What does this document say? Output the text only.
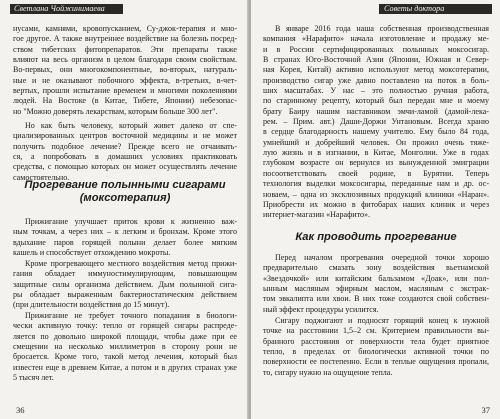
Светлана Чойжинимаева
нусами, камнями, кровопусканием, Су-джок-терапия и мно-
гое другое. А также внутреннее воздействие на болезнь посред-
ством тибетских фитопрепаратов. Эти препараты также
влияют на весь организм в целом благодаря своим свойствам.
Во-первых, они многокомпонентные, во-вторых, натураль-
ные и не оказывают побочного эффекта, в-третьих, в-чет-
вертых, прошли испытание временем и многими поколениями
людей. На Востоке (в Китае, Тибете, Японии) небезопас-
но "Можно доверять лекарствам, которым больше 300 лет".
Но как быть человеку, который живет далеко от спе-
циализированных центров восточной медицины и не может
получить подобное лечение? Прежде всего не отчаивать-
ся, а попробовать в домашних условиях практиковать
средства, с помощью которых он может осуществлять лечение
самостоятельно.
Прогревание полынными сигарами
(моксотерапия)
Прижигание улучшает приток крови к жизненно важ-
ным точкам, а через них – к легким и бронхам. Кроме этого
вдыхание паров горящей полыни делает более мягким
кашель и способствует отхождению мокроты.
Кроме прогревающего местного воздействия метод прижи-
гания обладает иммуностимулирующим, повышающим
защитные силы организма действием. Дым полынной сига-
ры обладает выраженным бактериостатическим действием
(при длительности воздействия до 15 минут).
Прижигание не требует точного попадания в биологи-
чески активную точку: тепло от горящей сигары распреде-
ляется по довольно широкой площади, чтобы даже при ее
смещении на несколько миллиметров в сторону рони не
бросается. Кроме того, такой метод лечения, который был
известен еще в древнем Китае, а потом и в других странах уже
5 тысяч лет.
36
Советы доктора Чойжинимаевой
В январе 2016 года наша собственная производственная
компания «Нарафито» начала изготовление и продажу ме-
и в России сертифицированных полынных моксосигар.
В странах Юго-Восточной Азии (Японии, Южная и Север-
ная Корея, Китай) активно используют метод моксотерапии,
производство сигар уже давно поставлено на поток в боль-
ших масштабах. У нас – это полностью ручная работа,
по старинному рецепту, который был передан мне и моему
брату Баиру нашим наставником эмчи-ламой (дамой-лека-
рем. – Прим. авт.) Даши-Доржи Унтановым. Всегда храню
в сердце благодарность нашему учителю. Ему было 84 года,
умнейший и добрейший человек. Он прожил очень тяже-
лую жизнь и в изгнании, в Китае, Монголии. Уже в годах
глубоком возрасте он вернулся из вынужденной эмиграции
посоответствовать своей родине, в Бурятии. Теперь
технология выделки моксосигары, переданные нам и др. ос-
новаем, – одна из эксклюзивных продукций клиники «Наран».
Приобрести их можно в фитобарах наших клиник и через
интернет-магазин «Нарафито».
Как проводить прогревание
Перед началом прогревания очередной точки хорошо
предварительно смазать зону воздействия вьетнамской
«Звездочкой» или китайским бальзамом «Доак», или пол-
ынным масляным эфирным маслом, масляным с экстрак-
том эвкалипта или хвои. В них тоже создаются свой собствен-
ный эффект процедуры усилится.
Сигару поджигают и подносят горящий конец к нужной
точке на расстоянии 1,5–2 см. Критерием правильности вы-
бранного расстояния от поверхности тела будет приятное
тепло, в пределах от биологически активной точки по
поверхности ее постепенно. Если в теплые ощущения пропали,
то, сигару нужно на ощущение тепла.
37
